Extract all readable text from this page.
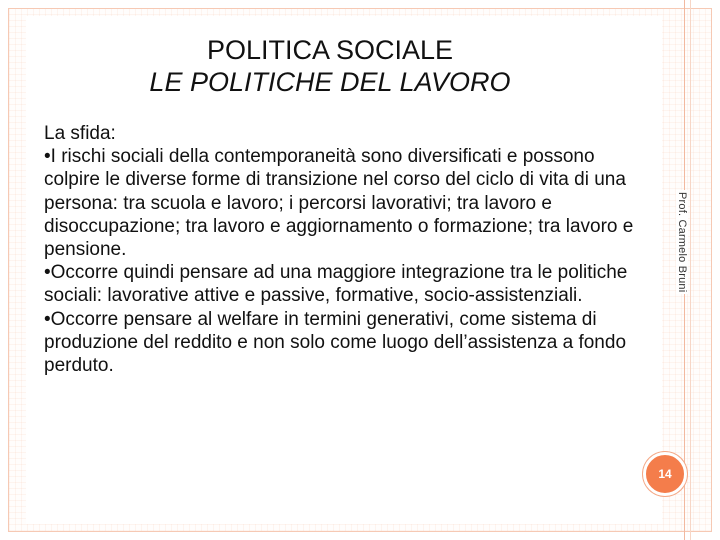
POLITICA SOCIALE
LE POLITICHE DEL LAVORO

La sfida:

•I rischi sociali della contemporaneità sono diversificati e possono colpire le diverse forme di transizione nel corso del ciclo di vita di una persona: tra scuola e lavoro; i percorsi lavorativi; tra lavoro e disoccupazione; tra lavoro e aggiornamento o formazione; tra lavoro e pensione.

•Occorre quindi pensare ad una maggiore integrazione tra le politiche sociali: lavorative attive e passive, formative, socio-assistenziali.

•Occorre pensare al welfare in termini generativi, come sistema di produzione del reddito e non solo come luogo dell’assistenza a fondo perduto.

Prof. Carmelo Bruni
14
